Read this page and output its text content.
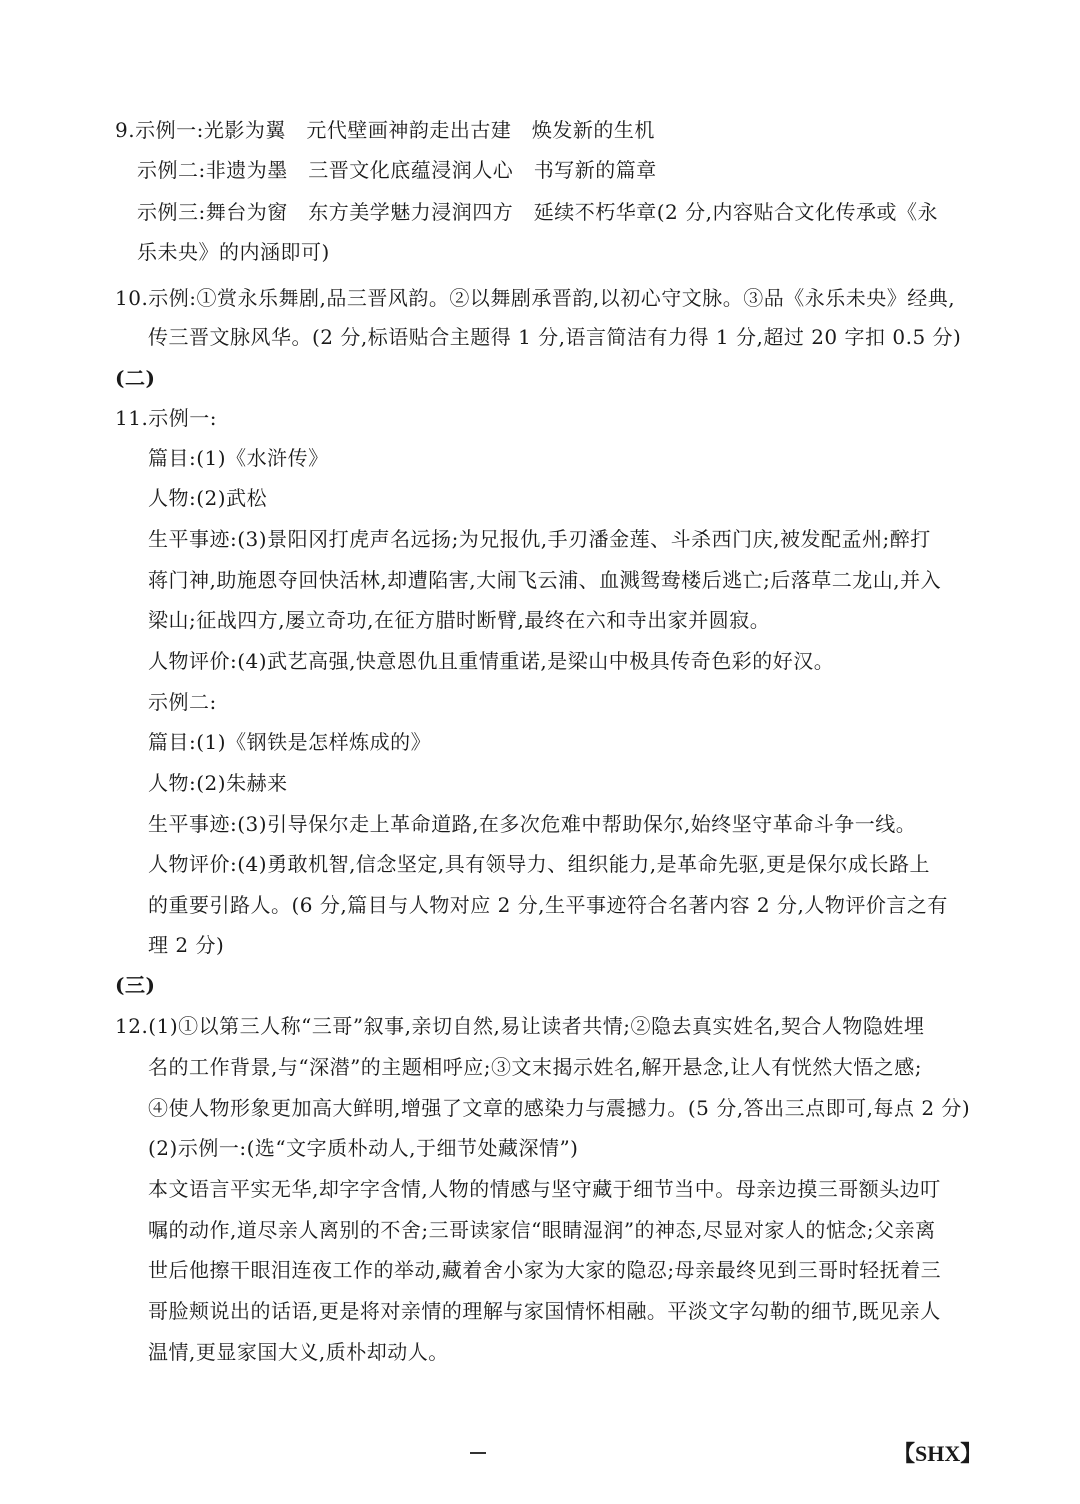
9.示例一:光影为翼　元代壁画神韵走出古建　焕发新的生机
示例二:非遗为墨　三晋文化底蕴浸润人心　书写新的篇章
示例三:舞台为窗　东方美学魅力浸润四方　延续不朽华章(2 分,内容贴合文化传承或《永
乐未央》的内涵即可)
10.示例:①赏永乐舞剧,品三晋风韵。②以舞剧承晋韵,以初心守文脉。③品《永乐未央》经典,
传三晋文脉风华。(2 分,标语贴合主题得 1 分,语言简洁有力得 1 分,超过 20 字扣 0.5 分)
(二)
11.示例一:
篇目:(1)《水浒传》
人物:(2)武松
生平事迹:(3)景阳冈打虎声名远扬;为兄报仇,手刃潘金莲、斗杀西门庆,被发配孟州;醉打
蒋门神,助施恩夺回快活林,却遭陷害,大闹飞云浦、血溅鸳鸯楼后逃亡;后落草二龙山,并入
梁山;征战四方,屡立奇功,在征方腊时断臂,最终在六和寺出家并圆寂。
人物评价:(4)武艺高强,快意恩仇且重情重诺,是梁山中极具传奇色彩的好汉。
示例二:
篇目:(1)《钢铁是怎样炼成的》
人物:(2)朱赫来
生平事迹:(3)引导保尔走上革命道路,在多次危难中帮助保尔,始终坚守革命斗争一线。
人物评价:(4)勇敢机智,信念坚定,具有领导力、组织能力,是革命先驱,更是保尔成长路上
的重要引路人。(6 分,篇目与人物对应 2 分,生平事迹符合名著内容 2 分,人物评价言之有
理 2 分)
(三)
12.(1)①以第三人称“三哥”叙事,亲切自然,易让读者共情;②隐去真实姓名,契合人物隐姓埋
名的工作背景,与“深潜”的主题相呼应;③文末揭示姓名,解开悬念,让人有恍然大悟之感;
④使人物形象更加高大鲜明,增强了文章的感染力与震撼力。(5 分,答出三点即可,每点 2 分)
(2)示例一:(选“文字质朴动人,于细节处藏深情”)
本文语言平实无华,却字字含情,人物的情感与坚守藏于细节当中。母亲边摸三哥额头边叮
嘱的动作,道尽亲人离别的不舍;三哥读家信“眼睛湿润”的神态,尽显对家人的惦念;父亲离
世后他擦干眼泪连夜工作的举动,藏着舍小家为大家的隐忍;母亲最终见到三哥时轻抚着三
哥脸颊说出的话语,更是将对亲情的理解与家国情怀相融。平淡文字勾勒的细节,既见亲人
温情,更显家国大义,质朴却动人。
【SHX】
